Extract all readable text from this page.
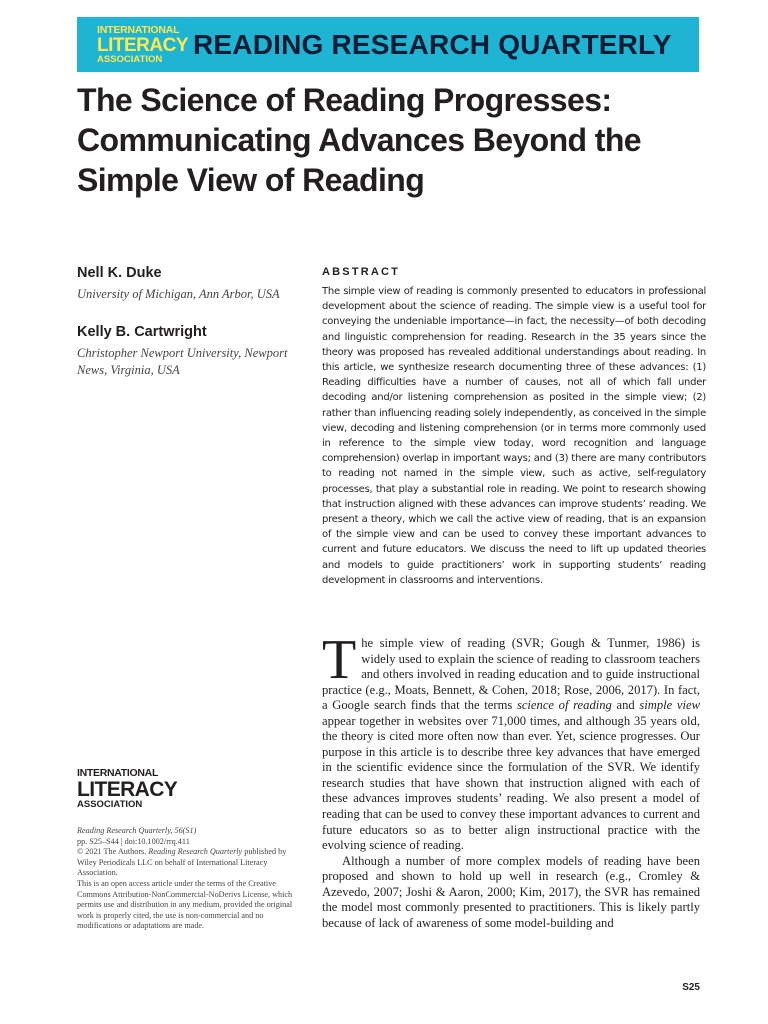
INTERNATIONAL
LITERACY
ASSOCIATION	READING RESEARCH QUARTERLY
The Science of Reading Progresses: Communicating Advances Beyond the Simple View of Reading

Nell K. Duke

University of Michigan, Ann Arbor, USA

Kelly B. Cartwright

Christopher Newport University, Newport News, Virginia, USA

ABSTRACT

The simple view of reading is commonly presented to educators in professional development about the science of reading. The simple view is a useful tool for conveying the undeniable importance—in fact, the necessity—of both decoding and linguistic comprehension for reading. Research in the 35 years since the theory was proposed has revealed additional understandings about reading. In this article, we synthesize research documenting three of these advances: (1) Reading difficulties have a number of causes, not all of which fall under decoding and/or listening comprehension as posited in the simple view; (2) rather than influencing reading solely independently, as conceived in the simple view, decoding and listening comprehension (or in terms more commonly used in reference to the simple view today, word recognition and language comprehension) overlap in important ways; and (3) there are many contributors to reading not named in the simple view, such as active, self-regulatory processes, that play a substantial role in reading. We point to research showing that instruction aligned with these advances can improve students’ reading. We present a theory, which we call the active view of reading, that is an expansion of the simple view and can be used to convey these important advances to current and future educators. We discuss the need to lift up updated theories and models to guide practitioners’ work in supporting students’ reading development in classrooms and interventions.

INTERNATIONAL
LITERACY
ASSOCIATION

Reading Research Quarterly, 56(S1)

pp. S25–S44 | doi:10.1002/rrq.411

© 2021 The Authors. Reading Research Quarterly published by Wiley Periodicals LLC on behalf of International Literacy Association.

This is an open access article under the terms of the Creative Commons Attribution-NonCommercial-NoDerivs License, which permits use and distribution in any medium, provided the original work is properly cited, the use is non-commercial and no modifications or adaptations are made.

The simple view of reading (SVR; Gough & Tunmer, 1986) is widely used to explain the science of reading to classroom teachers and others involved in reading education and to guide instructional practice (e.g., Moats, Bennett, & Cohen, 2018; Rose, 2006, 2017). In fact, a Google search finds that the terms science of reading and simple view appear together in websites over 71,000 times, and although 35 years old, the theory is cited more often now than ever. Yet, science progresses. Our purpose in this article is to describe three key advances that have emerged in the scientific evidence since the formulation of the SVR. We identify research studies that have shown that instruction aligned with each of these advances improves students’ reading. We also present a model of reading that can be used to convey these important advances to current and future educators so as to better align instructional practice with the evolving science of reading.

Although a number of more complex models of reading have been proposed and shown to hold up well in research (e.g., Cromley & Azevedo, 2007; Joshi & Aaron, 2000; Kim, 2017), the SVR has remained the model most commonly presented to practitioners. This is likely partly because of lack of awareness of some model-building and

S25
